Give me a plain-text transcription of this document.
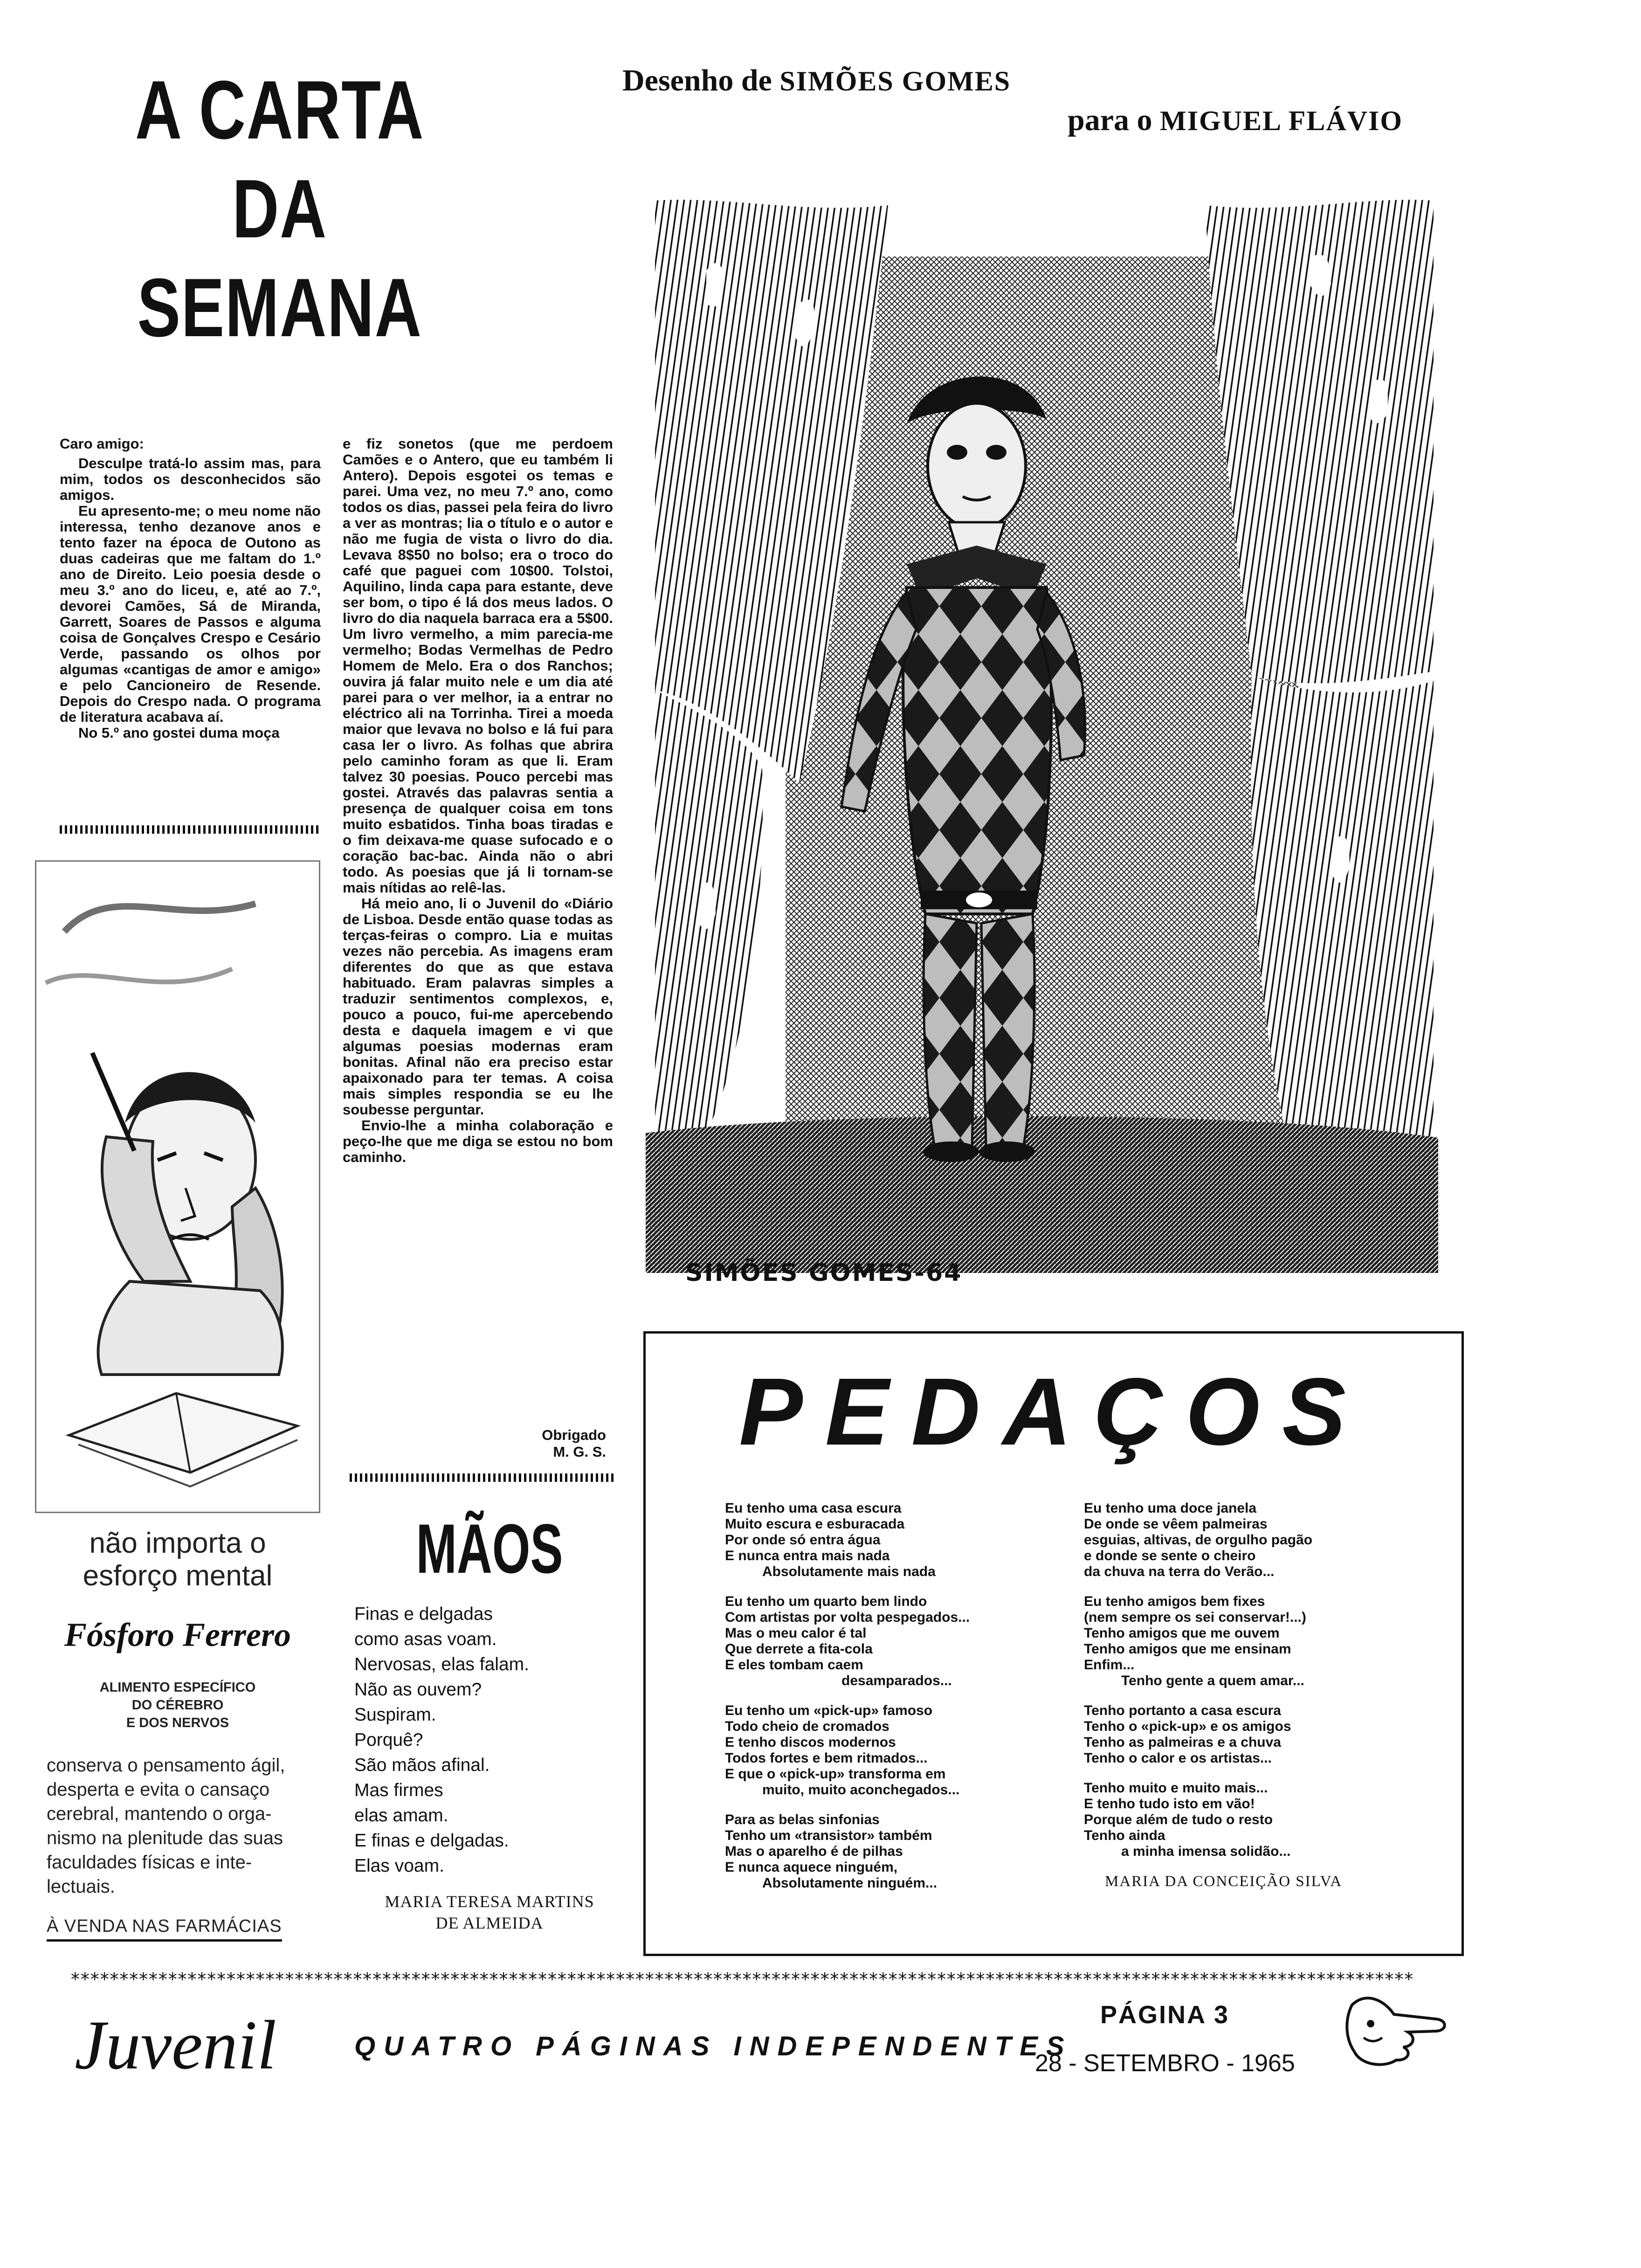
A CARTA
DA
SEMANA
Desenho de SIMÕES GOMES
para o MIGUEL FLÁVIO

Caro amigo:

Desculpe tratá-lo assim mas, para mim, todos os desconhecidos são amigos.

Eu apresento-me; o meu nome não interessa, tenho dezanove anos e tento fazer na época de Outono as duas cadeiras que me faltam do 1.º ano de Direito. Leio poesia desde o meu 3.º ano do liceu, e, até ao 7.º, devorei Camões, Sá de Miranda, Garrett, Soares de Passos e alguma coisa de Gonçalves Crespo e Cesário Verde, passando os olhos por algumas «cantigas de amor e amigo» e pelo Cancioneiro de Resende. Depois do Crespo nada. O programa de literatura acabava aí.

No 5.º ano gostei duma moça

e fiz sonetos (que me perdoem Camões e o Antero, que eu também li Antero). Depois esgotei os temas e parei. Uma vez, no meu 7.º ano, como todos os dias, passei pela feira do livro a ver as montras; lia o título e o autor e não me fugia de vista o livro do dia. Levava 8$50 no bolso; era o troco do café que paguei com 10$00. Tolstoi, Aquilino, linda capa para estante, deve ser bom, o tipo é lá dos meus lados. O livro do dia naquela barraca era a 5$00. Um livro vermelho, a mim parecia-me vermelho; Bodas Vermelhas de Pedro Homem de Melo. Era o dos Ranchos; ouvira já falar muito nele e um dia até parei para o ver melhor, ia a entrar no eléctrico ali na Torrinha. Tirei a moeda maior que levava no bolso e lá fui para casa ler o livro. As folhas que abrira pelo caminho foram as que li. Eram talvez 30 poesias. Pouco percebi mas gostei. Através das palavras sentia a presença de qualquer coisa em tons muito esbatidos. Tinha boas tiradas e o fim deixava-me quase sufocado e o coração bac-bac. Ainda não o abri todo. As poesias que já li tornam-se mais nítidas ao relê-las.

Há meio ano, li o Juvenil do «Diário de Lisboa. Desde então quase todas as terças-feiras o compro. Lia e muitas vezes não percebia. As imagens eram diferentes do que as que estava habituado. Eram palavras simples a traduzir sentimentos complexos, e, pouco a pouco, fui-me apercebendo desta e daquela imagem e vi que algumas poesias modernas eram bonitas. Afinal não era preciso estar apaixonado para ter temas. A coisa mais simples respondia se eu lhe soubesse perguntar.

Envio-lhe a minha colaboração e peço-lhe que me diga se estou no bom caminho.

Obrigado
M. G. S.
não importa o
esforço mental
Fósforo Ferrero
ALIMENTO ESPECÍFICO
DO CÉREBRO
E DOS NERVOS
conserva o pensamento ágil,
desperta e evita o cansaço
cerebral, mantendo o orga-
nismo na plenitude das suas
faculdades físicas e inte-
lectuais.
À VENDA NAS FARMÁCIAS
MÃOS
Finas e delgadas
como asas voam.
Nervosas, elas falam.
Não as ouvem?
Suspiram.
Porquê?
São mãos afinal.
Mas firmes
elas amam.
E finas e delgadas.
Elas voam.
MARIA TERESA MARTINS
DE ALMEIDA
SIMÕES GOMES-64
PEDAÇOS
Eu tenho uma casa escura
Muito escura e esburacada
Por onde só entra água
E nunca entra mais nada
Absolutamente mais nada
Eu tenho um quarto bem lindo
Com artistas por volta pespegados...
Mas o meu calor é tal
Que derrete a fita-cola
E eles tombam caem
desamparados...
Eu tenho um «pick-up» famoso
Todo cheio de cromados
E tenho discos modernos
Todos fortes e bem ritmados...
E que o «pick-up» transforma em
muito, muito aconchegados...
Para as belas sinfonias
Tenho um «transistor» também
Mas o aparelho é de pilhas
E nunca aquece ninguém,
Absolutamente ninguém...
Eu tenho uma doce janela
De onde se vêem palmeiras
esguias, altivas, de orgulho pagão
e donde se sente o cheiro
da chuva na terra do Verão...
Eu tenho amigos bem fixes
(nem sempre os sei conservar!...)
Tenho amigos que me ouvem
Tenho amigos que me ensinam
Enfim...
Tenho gente a quem amar...
Tenho portanto a casa escura
Tenho o «pick-up» e os amigos
Tenho as palmeiras e a chuva
Tenho o calor e os artistas...
Tenho muito e muito mais...
E tenho tudo isto em vão!
Porque além de tudo o resto
Tenho ainda
a minha imensa solidão...
MARIA DA CONCEIÇÃO SILVA
******************************************************************************************************************************************
Juvenil	QUATRO PÁGINAS INDEPENDENTES
PÁGINA 3
28 - SETEMBRO - 1965
